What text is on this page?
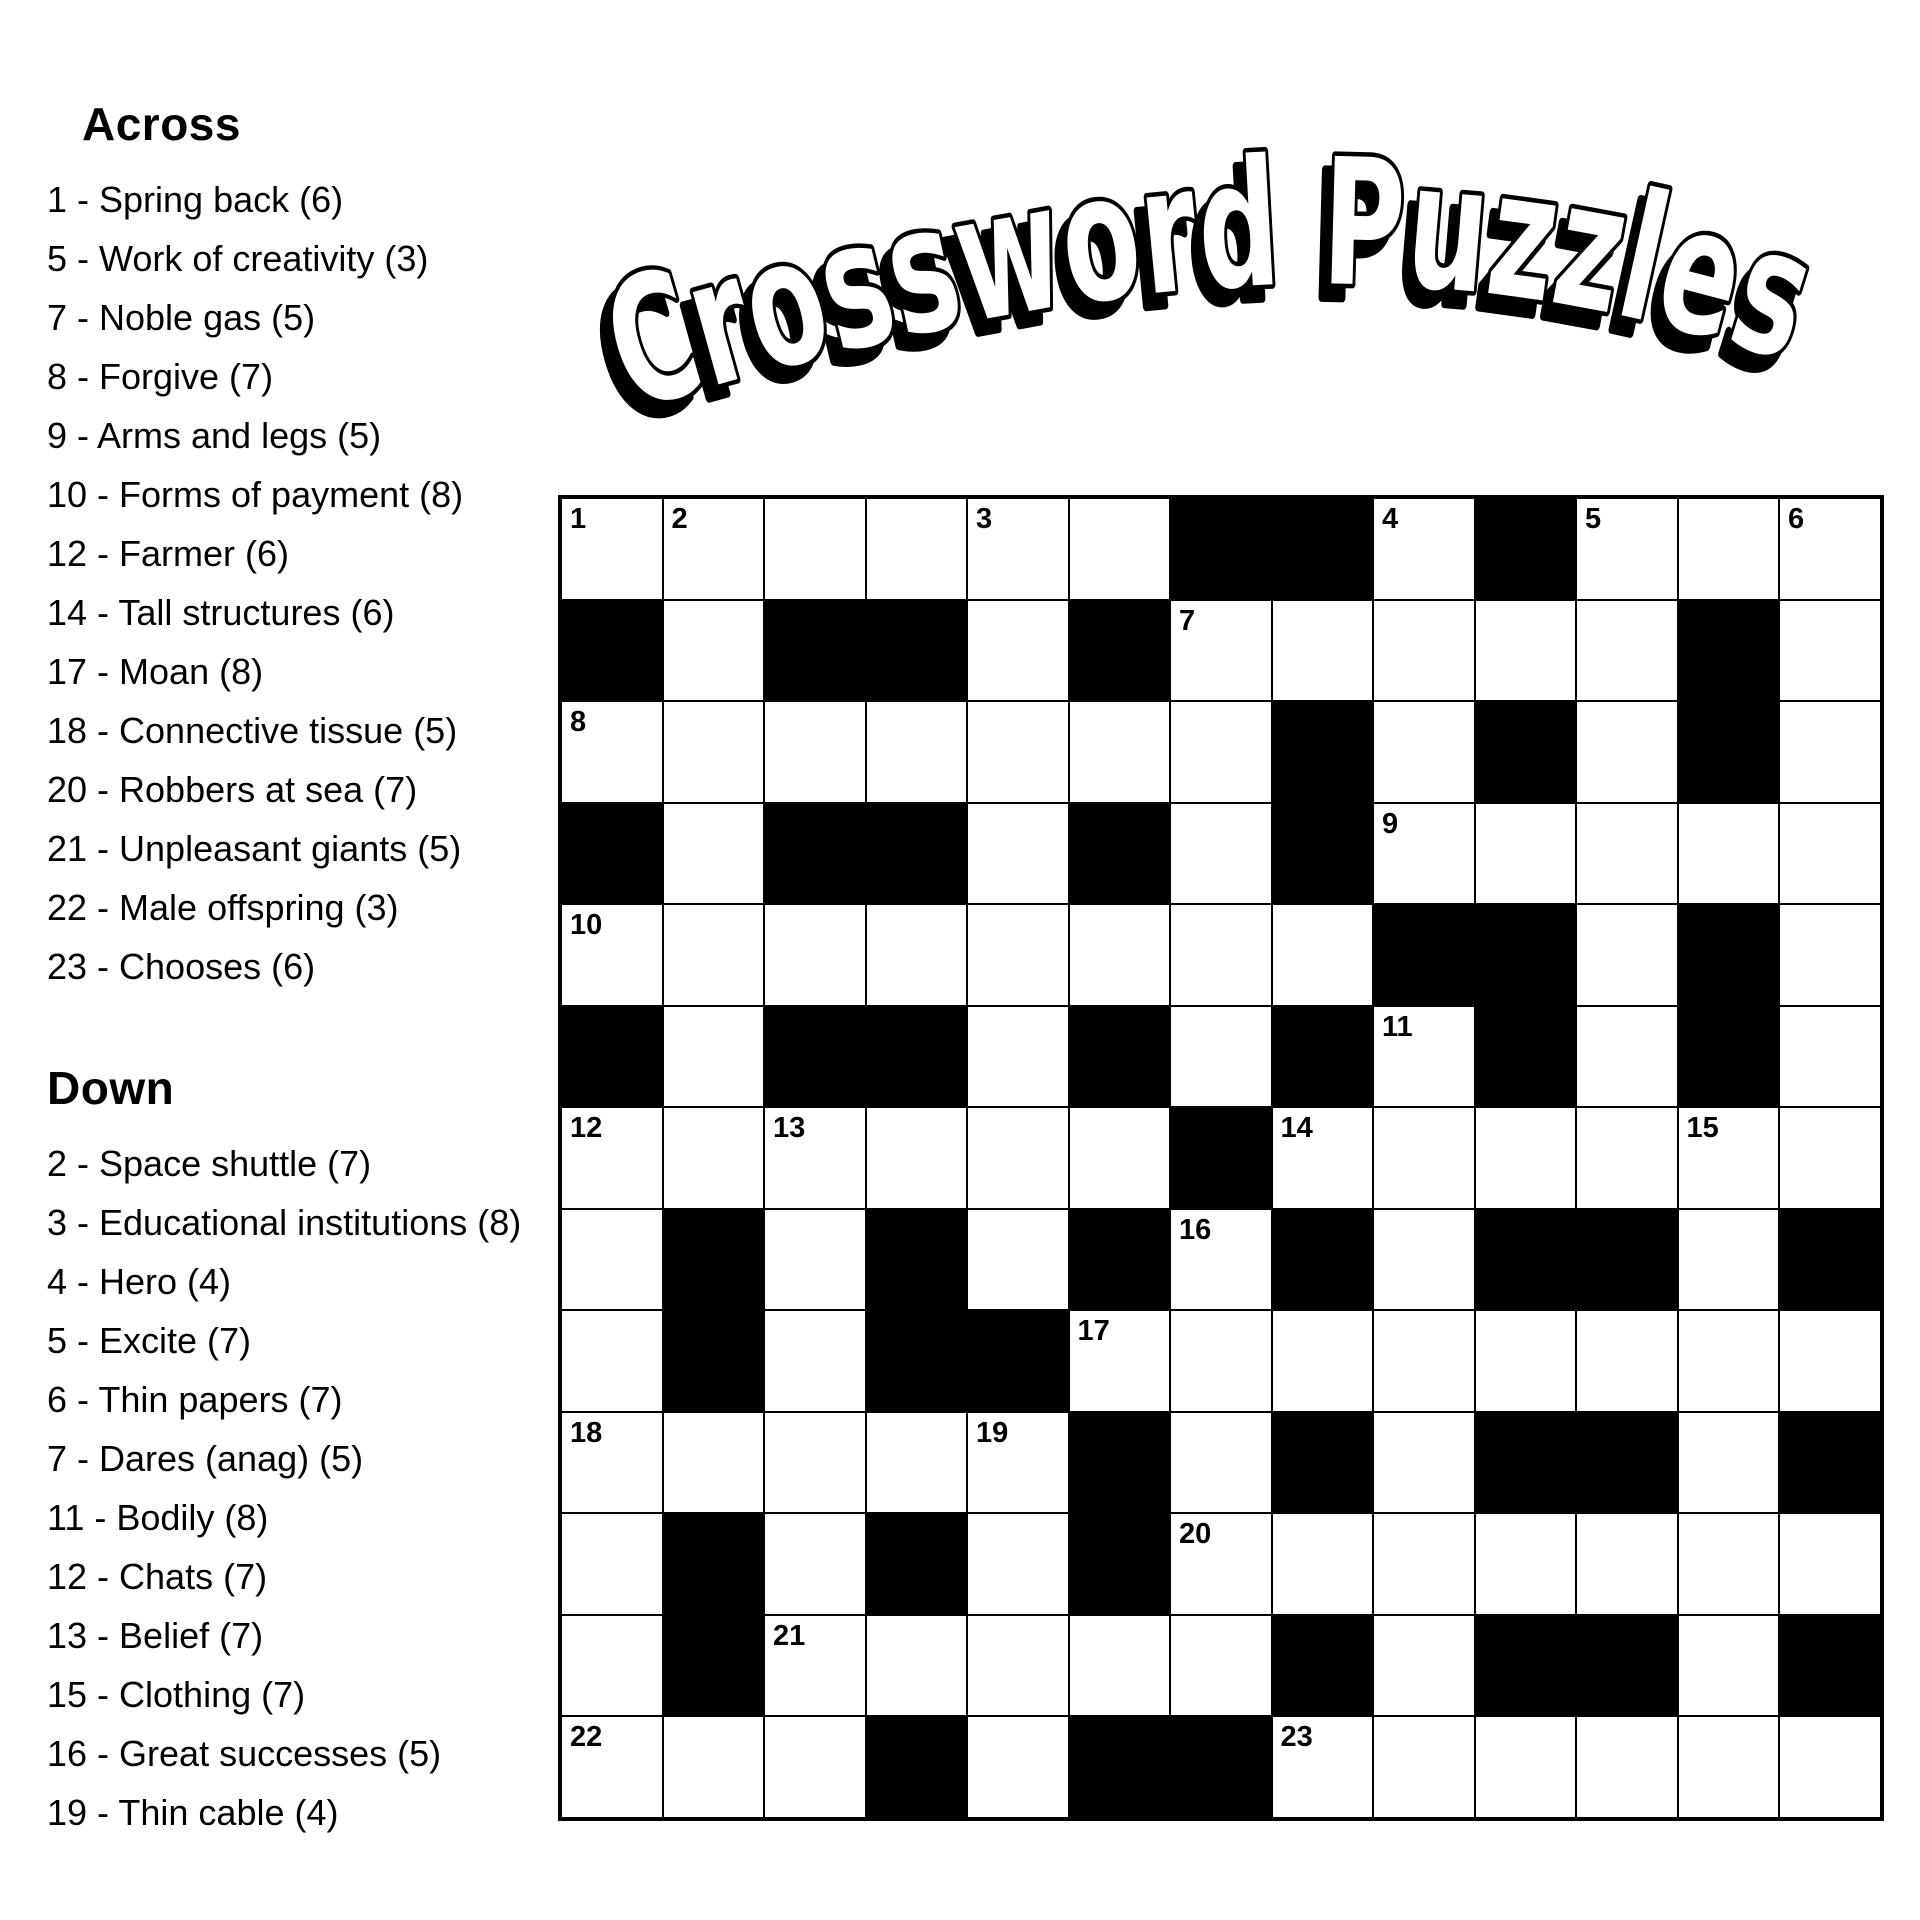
Crossword Puzzles
Across
1 - Spring back (6)
5 - Work of creativity (3)
7 - Noble gas (5)
8 - Forgive (7)
9 - Arms and legs (5)
10 - Forms of payment (8)
12 - Farmer (6)
14 - Tall structures (6)
17 - Moan (8)
18 - Connective tissue (5)
20 - Robbers at sea (7)
21 - Unpleasant giants (5)
22 - Male offspring (3)
23 - Chooses (6)
Down
2 - Space shuttle (7)
3 - Educational institutions (8)
4 - Hero (4)
5 - Excite (7)
6 - Thin papers (7)
7 - Dares (anag) (5)
11 - Bodily (8)
12 - Chats (7)
13 - Belief (7)
15 - Clothing (7)
16 - Great successes (5)
19 - Thin cable (4)
1	2	3	4	5	6
7
8
9
10
11
12	13	14	15
16
17
18	19
20
21
22	23
